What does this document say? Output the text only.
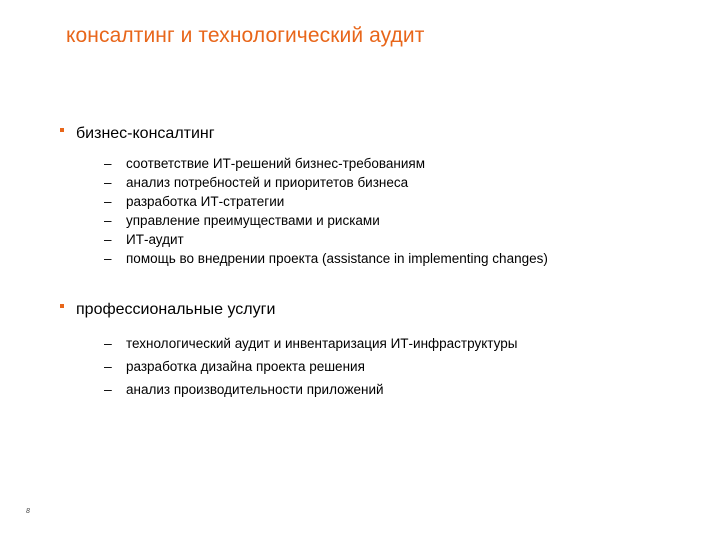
консалтинг и технологический аудит
бизнес-консалтинг
– соответствие ИТ-решений бизнес-требованиям
– анализ потребностей и приоритетов бизнеса
– разработка ИТ-стратегии
– управление преимуществами и рисками
– ИТ-аудит
– помощь во внедрении проекта (assistance in implementing changes)
профессиональные услуги
– технологический аудит и инвентаризация ИТ-инфраструктуры
– разработка дизайна проекта решения
– анализ производительности приложений
8
